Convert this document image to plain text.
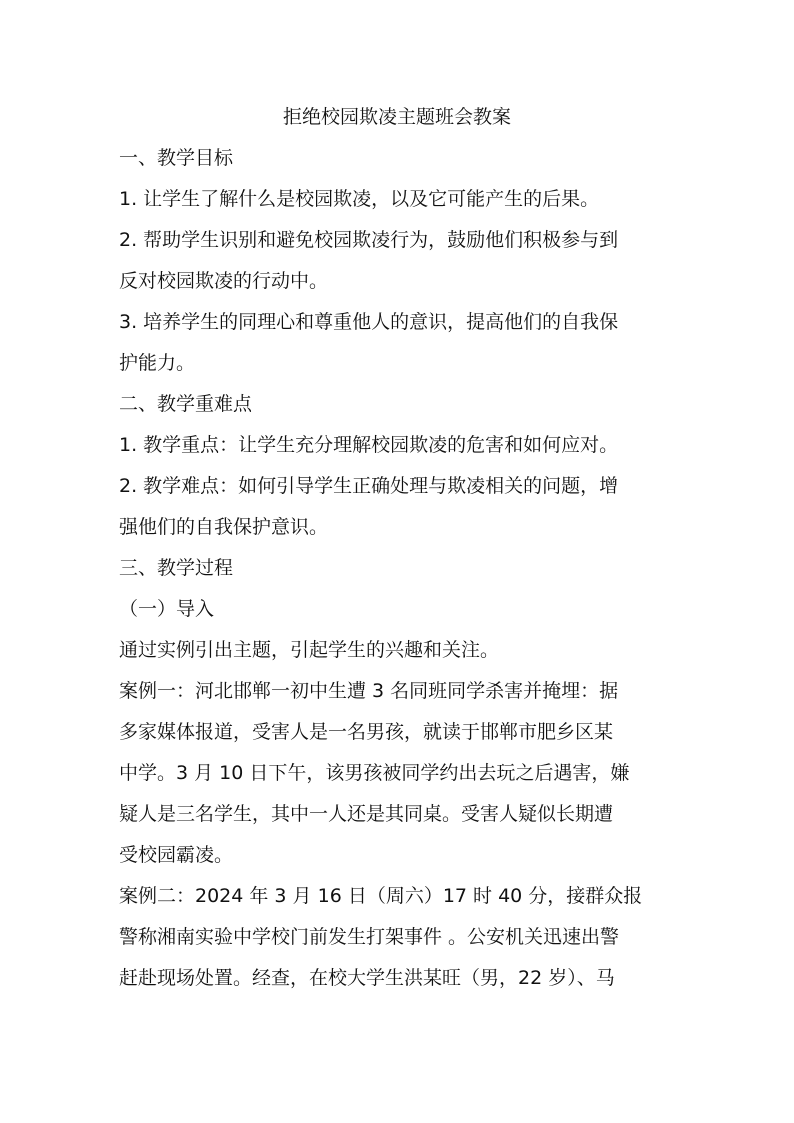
拒绝校园欺凌主题班会教案

一、教学目标

1. 让学生了解什么是校园欺凌，以及它可能产生的后果。

2. 帮助学生识别和避免校园欺凌行为，鼓励他们积极参与到

反对校园欺凌的行动中。

3. 培养学生的同理心和尊重他人的意识，提高他们的自我保

护能力。

二、教学重难点

1. 教学重点：让学生充分理解校园欺凌的危害和如何应对。

2. 教学难点：如何引导学生正确处理与欺凌相关的问题，增

强他们的自我保护意识。

三、教学过程

（一）导入

通过实例引出主题，引起学生的兴趣和关注。

案例一：河北邯郸一初中生遭 3 名同班同学杀害并掩埋：据

多家媒体报道，受害人是一名男孩，就读于邯郸市肥乡区某

中学。3 月 10 日下午，该男孩被同学约出去玩之后遇害，嫌

疑人是三名学生，其中一人还是其同桌。受害人疑似长期遭

受校园霸凌。

案例二：2024 年 3 月 16 日（周六）17 时 40 分，接群众报

警称湘南实验中学校门前发生打架事件 。公安机关迅速出警

赶赴现场处置。经查，在校大学生洪某旺（男，22 岁）、马
